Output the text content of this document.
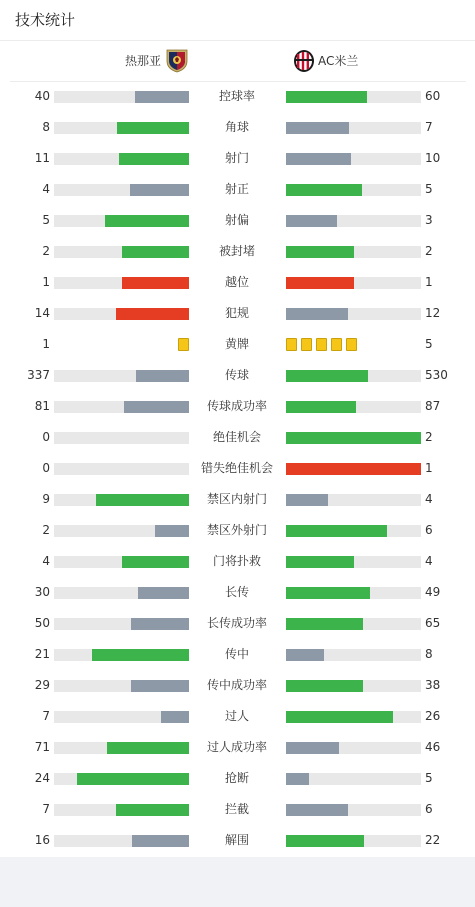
技术统计
热那亚	AC米兰
40	控球率	60
8	角球	7
11	射门	10
4	射正	5
5	射偏	3
2	被封堵	2
1	越位	1
14	犯规	12
1	黄牌	5
337	传球	530
81	传球成功率	87
0	绝佳机会	2
0	错失绝佳机会	1
9	禁区内射门	4
2	禁区外射门	6
4	门将扑救	4
30	长传	49
50	长传成功率	65
21	传中	8
29	传中成功率	38
7	过人	26
71	过人成功率	46
24	抢断	5
7	拦截	6
16	解围	22
